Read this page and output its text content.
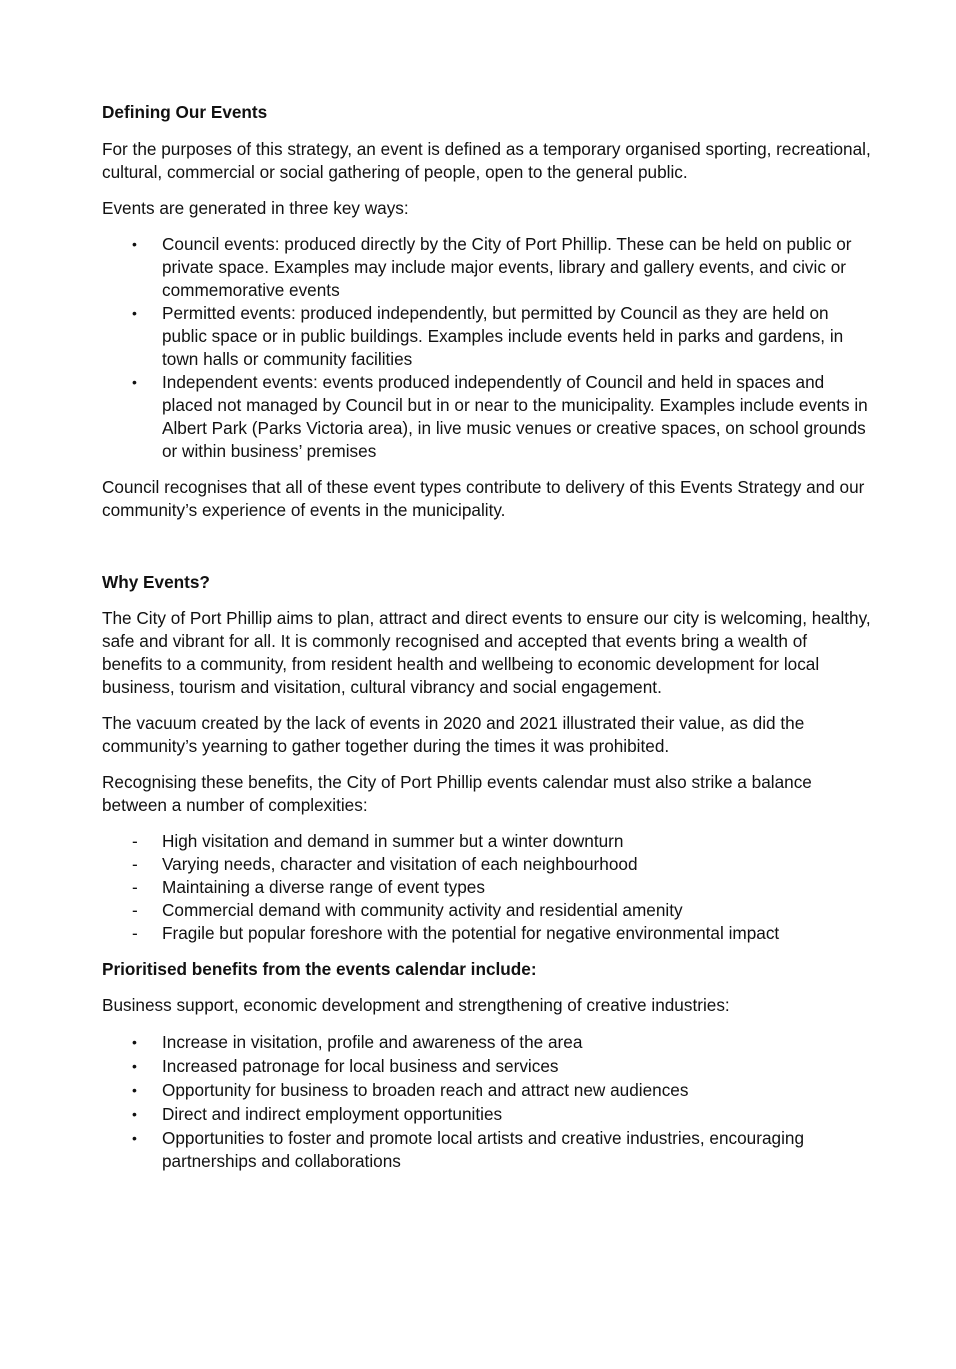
Defining Our Events

For the purposes of this strategy, an event is defined as a temporary organised sporting, recreational, cultural, commercial or social gathering of people, open to the general public.

Events are generated in three key ways:

•	Council events: produced directly by the City of Port Phillip. These can be held on public or private space. Examples may include major events, library and gallery events, and civic or commemorative events
•	Permitted events: produced independently, but permitted by Council as they are held on public space or in public buildings. Examples include events held in parks and gardens, in town halls or community facilities
•	Independent events: events produced independently of Council and held in spaces and placed not managed by Council but in or near to the municipality. Examples include events in Albert Park (Parks Victoria area), in live music venues or creative spaces, on school grounds or within business’ premises

Council recognises that all of these event types contribute to delivery of this Events Strategy and our community’s experience of events in the municipality.

Why Events?

The City of Port Phillip aims to plan, attract and direct events to ensure our city is welcoming, healthy, safe and vibrant for all. It is commonly recognised and accepted that events bring a wealth of benefits to a community, from resident health and wellbeing to economic development for local business, tourism and visitation, cultural vibrancy and social engagement.

The vacuum created by the lack of events in 2020 and 2021 illustrated their value, as did the community’s yearning to gather together during the times it was prohibited.

Recognising these benefits, the City of Port Phillip events calendar must also strike a balance between a number of complexities:

-	High visitation and demand in summer but a winter downturn
-	Varying needs, character and visitation of each neighbourhood
-	Maintaining a diverse range of event types
-	Commercial demand with community activity and residential amenity
-	Fragile but popular foreshore with the potential for negative environmental impact
Prioritised benefits from the events calendar include:

Business support, economic development and strengthening of creative industries:

•	Increase in visitation, profile and awareness of the area
•	Increased patronage for local business and services
•	Opportunity for business to broaden reach and attract new audiences
•	Direct and indirect employment opportunities
•	Opportunities to foster and promote local artists and creative industries, encouraging partnerships and collaborations
